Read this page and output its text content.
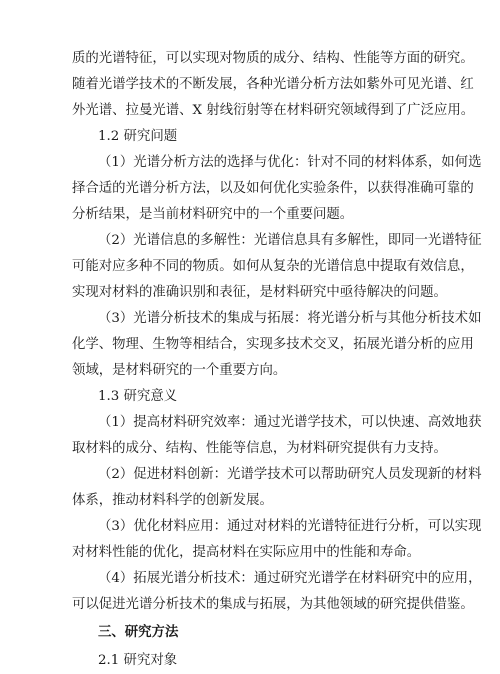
质的光谱特征，可以实现对物质的成分、结构、性能等方面的研究。
随着光谱学技术的不断发展，各种光谱分析方法如紫外可见光谱、红
外光谱、拉曼光谱、X 射线衍射等在材料研究领域得到了广泛应用。
1.2 研究问题
（1）光谱分析方法的选择与优化：针对不同的材料体系，如何选
择合适的光谱分析方法，以及如何优化实验条件，以获得准确可靠的
分析结果，是当前材料研究中的一个重要问题。
（2）光谱信息的多解性：光谱信息具有多解性，即同一光谱特征
可能对应多种不同的物质。如何从复杂的光谱信息中提取有效信息，
实现对材料的准确识别和表征，是材料研究中亟待解决的问题。
（3）光谱分析技术的集成与拓展：将光谱分析与其他分析技术如
化学、物理、生物等相结合，实现多技术交叉，拓展光谱分析的应用
领域，是材料研究的一个重要方向。
1.3 研究意义
（1）提高材料研究效率：通过光谱学技术，可以快速、高效地获
取材料的成分、结构、性能等信息，为材料研究提供有力支持。
（2）促进材料创新：光谱学技术可以帮助研究人员发现新的材料
体系，推动材料科学的创新发展。
（3）优化材料应用：通过对材料的光谱特征进行分析，可以实现
对材料性能的优化，提高材料在实际应用中的性能和寿命。
（4）拓展光谱分析技术：通过研究光谱学在材料研究中的应用，
可以促进光谱分析技术的集成与拓展，为其他领域的研究提供借鉴。
三、研究方法
2.1 研究对象
